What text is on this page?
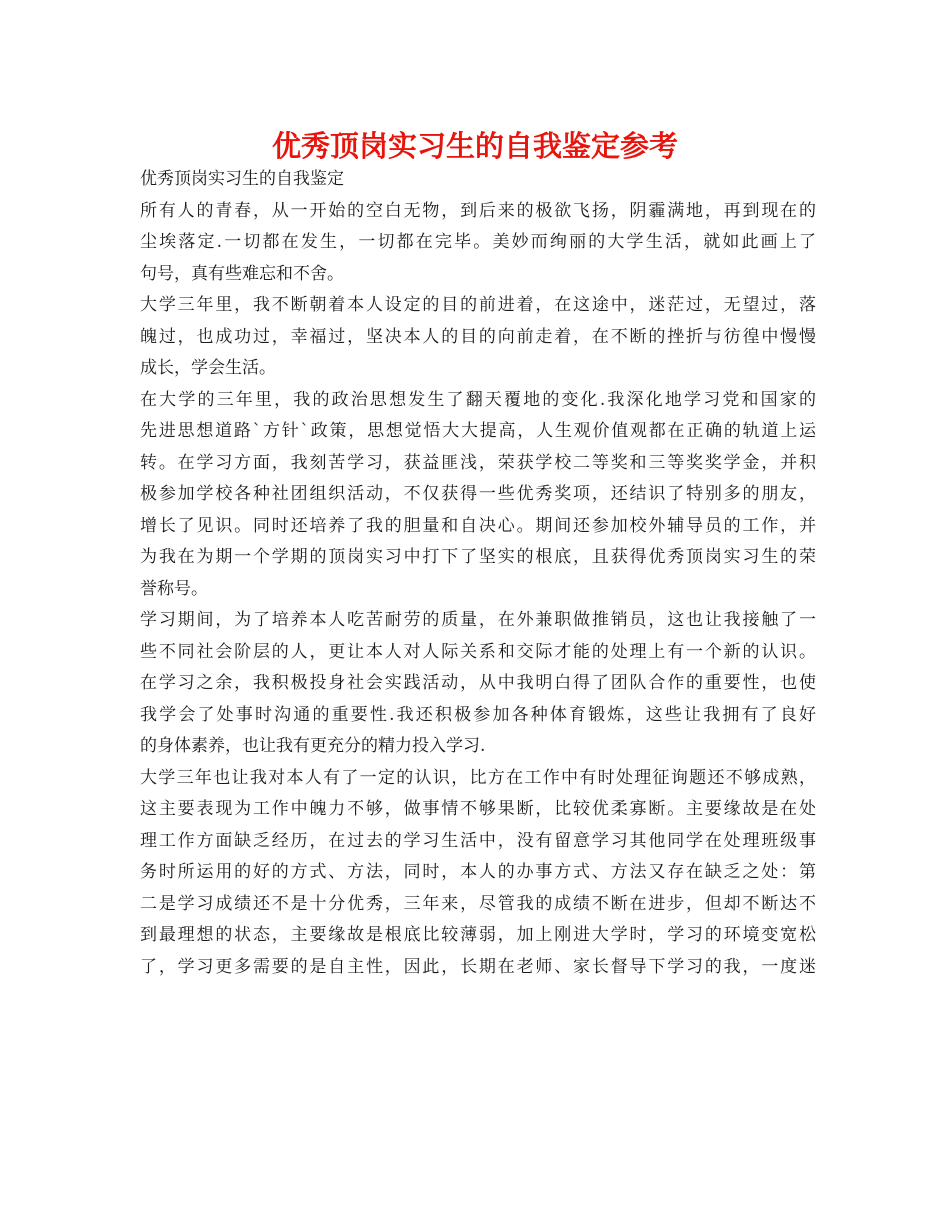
优秀顶岗实习生的自我鉴定参考
优秀顶岗实习生的自我鉴定
所有人的青春，从一开始的空白无物，到后来的极欲飞扬，阴霾满地，再到现在的
尘埃落定.一切都在发生，一切都在完毕。美妙而绚丽的大学生活，就如此画上了
句号，真有些难忘和不舍。
大学三年里，我不断朝着本人设定的目的前进着，在这途中，迷茫过，无望过，落
魄过，也成功过，幸福过，坚决本人的目的向前走着，在不断的挫折与彷徨中慢慢
成长，学会生活。
在大学的三年里，我的政治思想发生了翻天覆地的变化.我深化地学习党和国家的
先进思想道路`方针`政策，思想觉悟大大提高，人生观价值观都在正确的轨道上运
转。在学习方面，我刻苦学习，获益匪浅，荣获学校二等奖和三等奖奖学金，并积
极参加学校各种社团组织活动，不仅获得一些优秀奖项，还结识了特别多的朋友，
增长了见识。同时还培养了我的胆量和自决心。期间还参加校外辅导员的工作，并
为我在为期一个学期的顶岗实习中打下了坚实的根底，且获得优秀顶岗实习生的荣
誉称号。
学习期间，为了培养本人吃苦耐劳的质量，在外兼职做推销员，这也让我接触了一
些不同社会阶层的人，更让本人对人际关系和交际才能的处理上有一个新的认识。
在学习之余，我积极投身社会实践活动，从中我明白得了团队合作的重要性，也使
我学会了处事时沟通的重要性.我还积极参加各种体育锻炼，这些让我拥有了良好
的身体素养，也让我有更充分的精力投入学习.
大学三年也让我对本人有了一定的认识，比方在工作中有时处理征询题还不够成熟，
这主要表现为工作中魄力不够，做事情不够果断，比较优柔寡断。主要缘故是在处
理工作方面缺乏经历，在过去的学习生活中，没有留意学习其他同学在处理班级事
务时所运用的好的方式、方法，同时，本人的办事方式、方法又存在缺乏之处：第
二是学习成绩还不是十分优秀，三年来，尽管我的成绩不断在进步，但却不断达不
到最理想的状态，主要缘故是根底比较薄弱，加上刚进大学时，学习的环境变宽松
了，学习更多需要的是自主性，因此，长期在老师、家长督导下学习的我，一度迷
